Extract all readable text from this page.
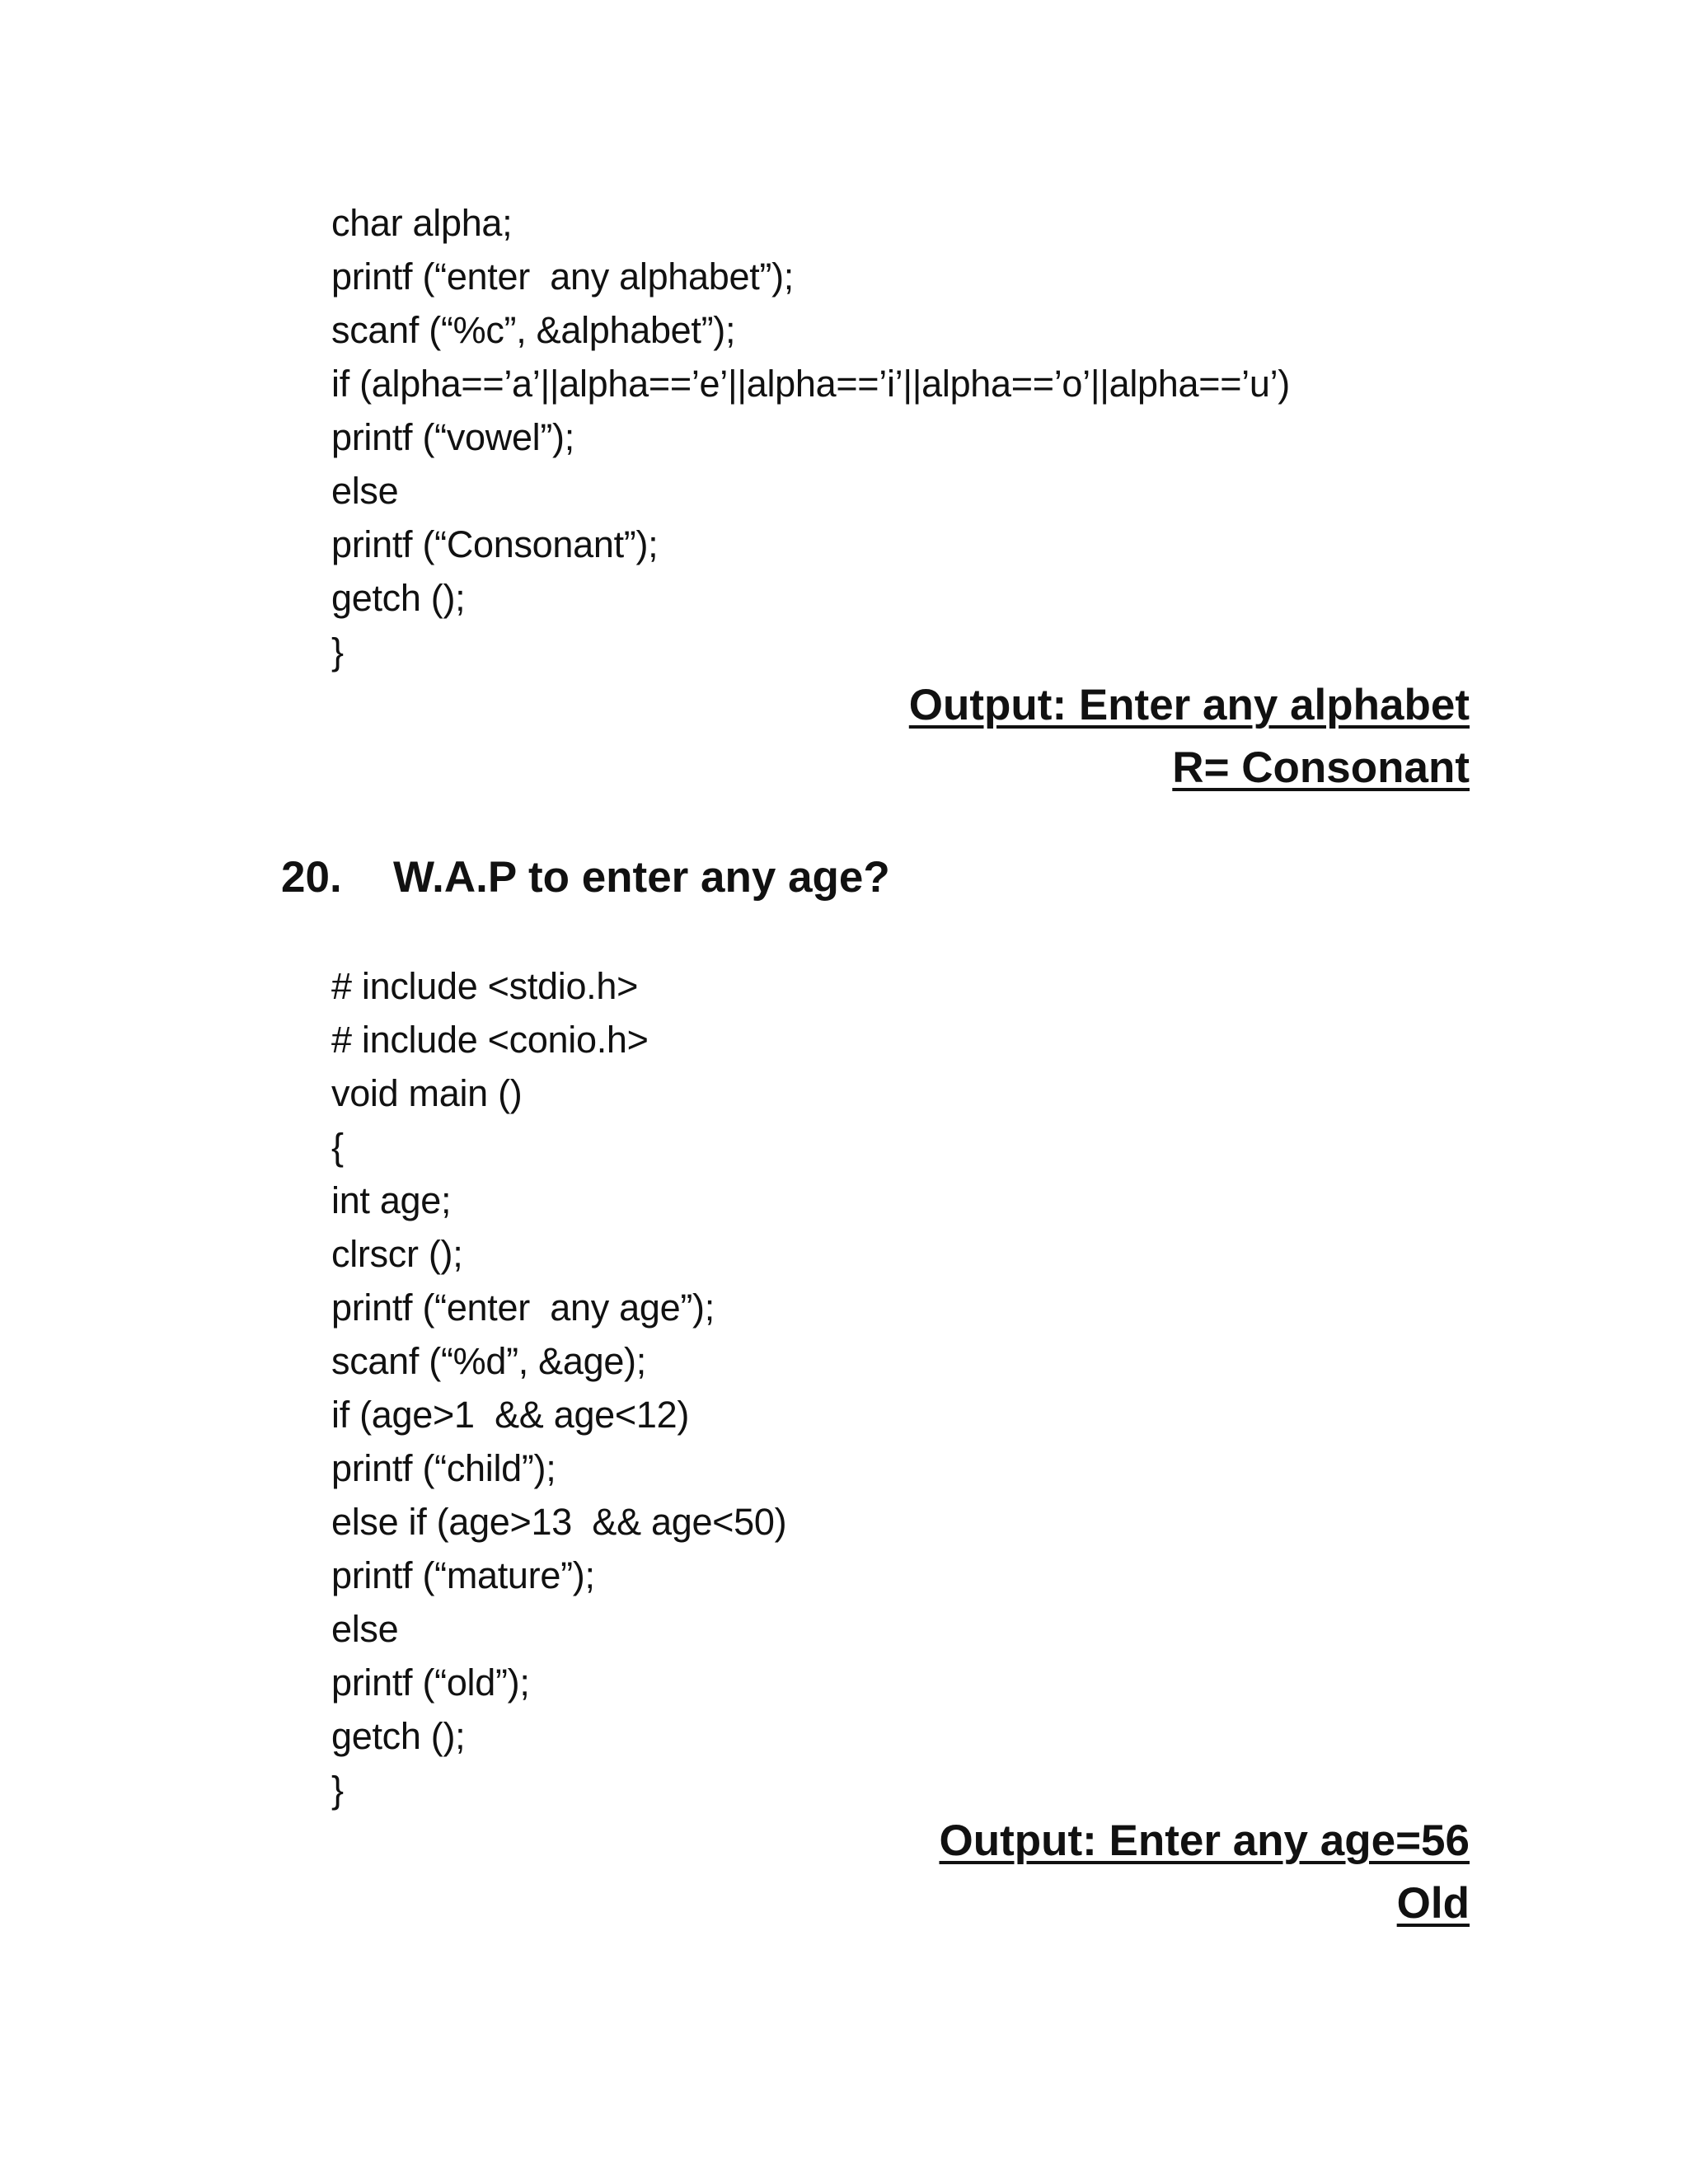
char alpha;
printf (“enter  any alphabet”);
scanf (“%c”, &alphabet”);
if (alpha==’a’||alpha==’e’||alpha==’i’||alpha==’o’||alpha==’u’)
printf (“vowel”);
else
printf (“Consonant”);
getch ();
}
Output: Enter any alphabet
R= Consonant
20. W.A.P to enter any age?
# include <stdio.h>
# include <conio.h>
void main ()
{
int age;
clrscr ();
printf (“enter  any age”);
scanf (“%d”, &age);
if (age>1  && age<12)
printf (“child”);
else if (age>13  && age<50)
printf (“mature”);
else
printf (“old”);
getch ();
}
Output: Enter any age=56
Old
